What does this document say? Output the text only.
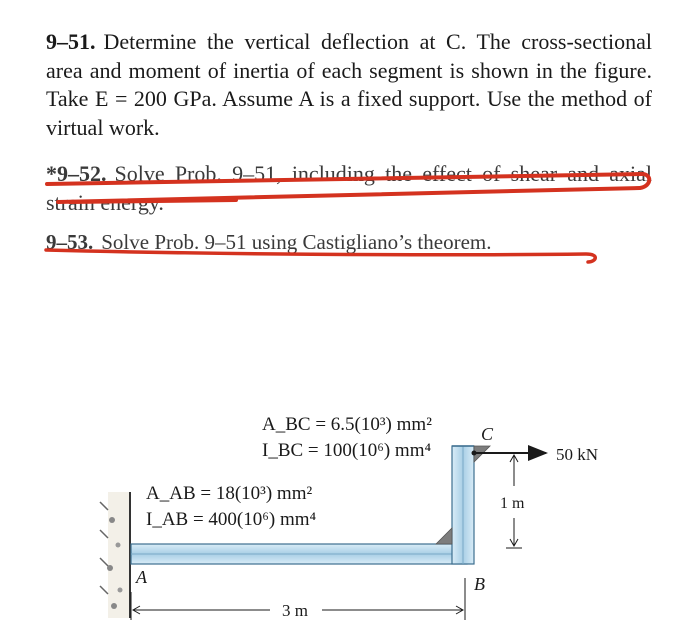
9–51. Determine the vertical deflection at C. The cross-sectional area and moment of inertia of each segment is shown in the figure. Take E = 200 GPa. Assume A is a fixed support. Use the method of virtual work.
*9–52. Solve Prob. 9–51, including the effect of shear and axial strain energy.
9–53. Solve Prob. 9–51 using Castigliano’s theorem.
50 kN
1 m
3 m
A	B
C
A_BC = 6.5(10³) mm²
I_BC = 100(10⁶) mm⁴
A_AB = 18(10³) mm²
I_AB = 400(10⁶) mm⁴
